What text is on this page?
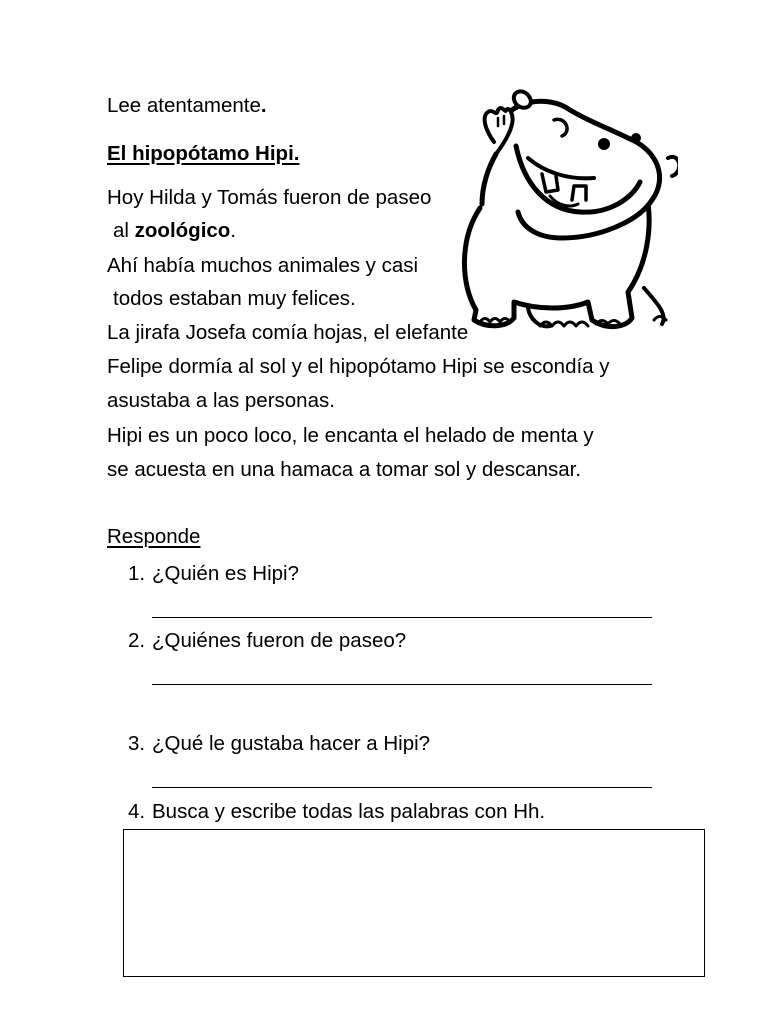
Lee atentamente.

El hipopótamo Hipi.

Hoy Hilda y Tomás fueron de paseo

al zoológico.

Ahí había muchos animales y casi

todos estaban muy felices.

La jirafa Josefa comía hojas, el elefante

Felipe dormía al sol y el hipopótamo Hipi se escondía y

asustaba a las personas.

Hipi es un poco loco, le encanta el helado de menta y

se acuesta en una hamaca a tomar sol y descansar.

Responde

1. ¿Quién es Hipi?

2. ¿Quiénes fueron de paseo?

3. ¿Qué le gustaba hacer a Hipi?

4. Busca y escribe todas las palabras con Hh.
